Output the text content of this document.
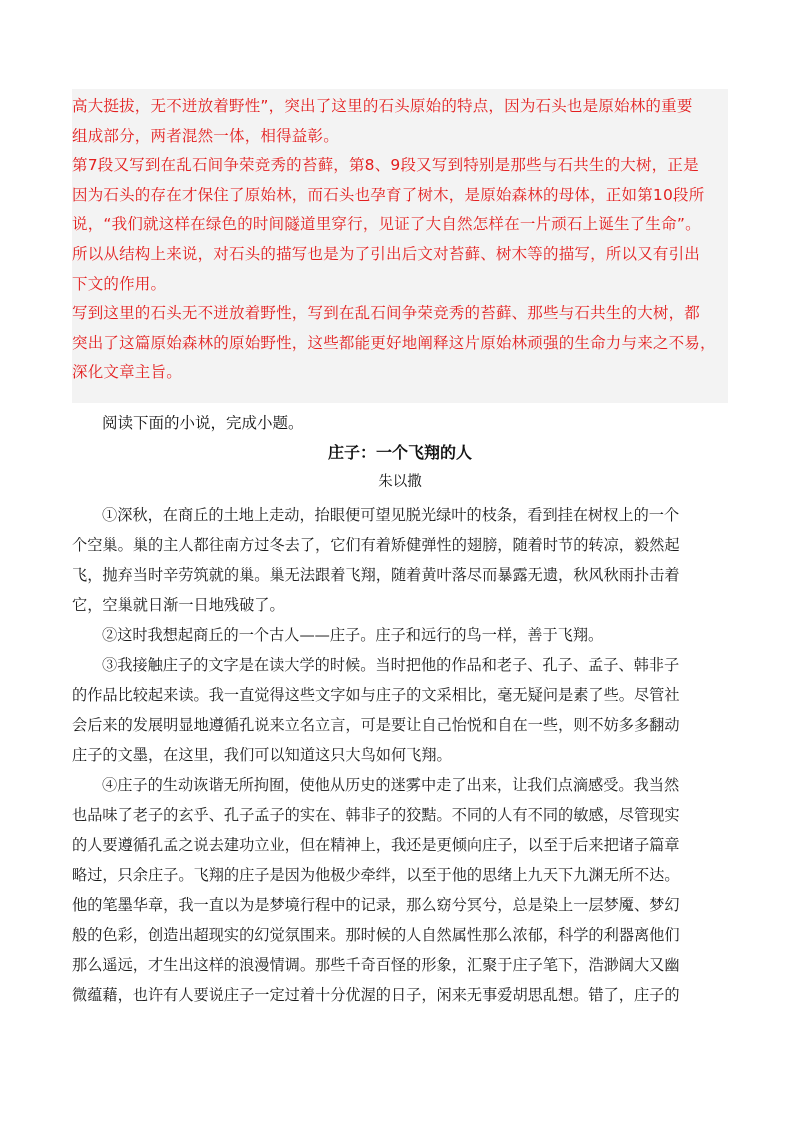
高大挺拔，无不迸放着野性”，突出了这里的石头原始的特点，因为石头也是原始林的重要

组成部分，两者混然一体，相得益彰。

第7段又写到在乱石间争荣竞秀的苔藓，第8、9段又写到特别是那些与石共生的大树，正是

因为石头的存在才保住了原始林，而石头也孕育了树木，是原始森林的母体，正如第10段所

说，“我们就这样在绿色的时间隧道里穿行，见证了大自然怎样在一片顽石上诞生了生命”。

所以从结构上来说，对石头的描写也是为了引出后文对苔藓、树木等的描写，所以又有引出

下文的作用。

写到这里的石头无不迸放着野性，写到在乱石间争荣竞秀的苔藓、那些与石共生的大树，都

突出了这篇原始森林的原始野性，这些都能更好地阐释这片原始林顽强的生命力与来之不易，

深化文章主旨。

阅读下面的小说，完成小题。
庄子：一个飞翔的人
朱以撒

①深秋，在商丘的土地上走动，抬眼便可望见脱光绿叶的枝条，看到挂在树杈上的一个
个空巢。巢的主人都往南方过冬去了，它们有着矫健弹性的翅膀，随着时节的转凉，毅然起
飞，抛弃当时辛劳筑就的巢。巢无法跟着飞翔，随着黄叶落尽而暴露无遗，秋风秋雨扑击着
它，空巢就日渐一日地残破了。

②这时我想起商丘的一个古人——庄子。庄子和远行的鸟一样，善于飞翔。

③我接触庄子的文字是在读大学的时候。当时把他的作品和老子、孔子、孟子、韩非子
的作品比较起来读。我一直觉得这些文字如与庄子的文采相比，毫无疑问是素了些。尽管社
会后来的发展明显地遵循孔说来立名立言，可是要让自己怡悦和自在一些，则不妨多多翻动
庄子的文墨，在这里，我们可以知道这只大鸟如何飞翔。

④庄子的生动诙谐无所拘囿，使他从历史的迷雾中走了出来，让我们点滴感受。我当然
也品味了老子的玄乎、孔子孟子的实在、韩非子的狡黠。不同的人有不同的敏感，尽管现实
的人要遵循孔孟之说去建功立业，但在精神上，我还是更倾向庄子，以至于后来把诸子篇章
略过，只余庄子。飞翔的庄子是因为他极少牵绊，以至于他的思绪上九天下九渊无所不达。
他的笔墨华章，我一直以为是梦境行程中的记录，那么窈兮冥兮，总是染上一层梦魇、梦幻
般的色彩，创造出超现实的幻觉氛围来。那时候的人自然属性那么浓郁，科学的利器离他们
那么遥远，才生出这样的浪漫情调。那些千奇百怪的形象，汇聚于庄子笔下，浩渺阔大又幽
微蕴藉，也许有人要说庄子一定过着十分优渥的日子，闲来无事爱胡思乱想。错了，庄子的
